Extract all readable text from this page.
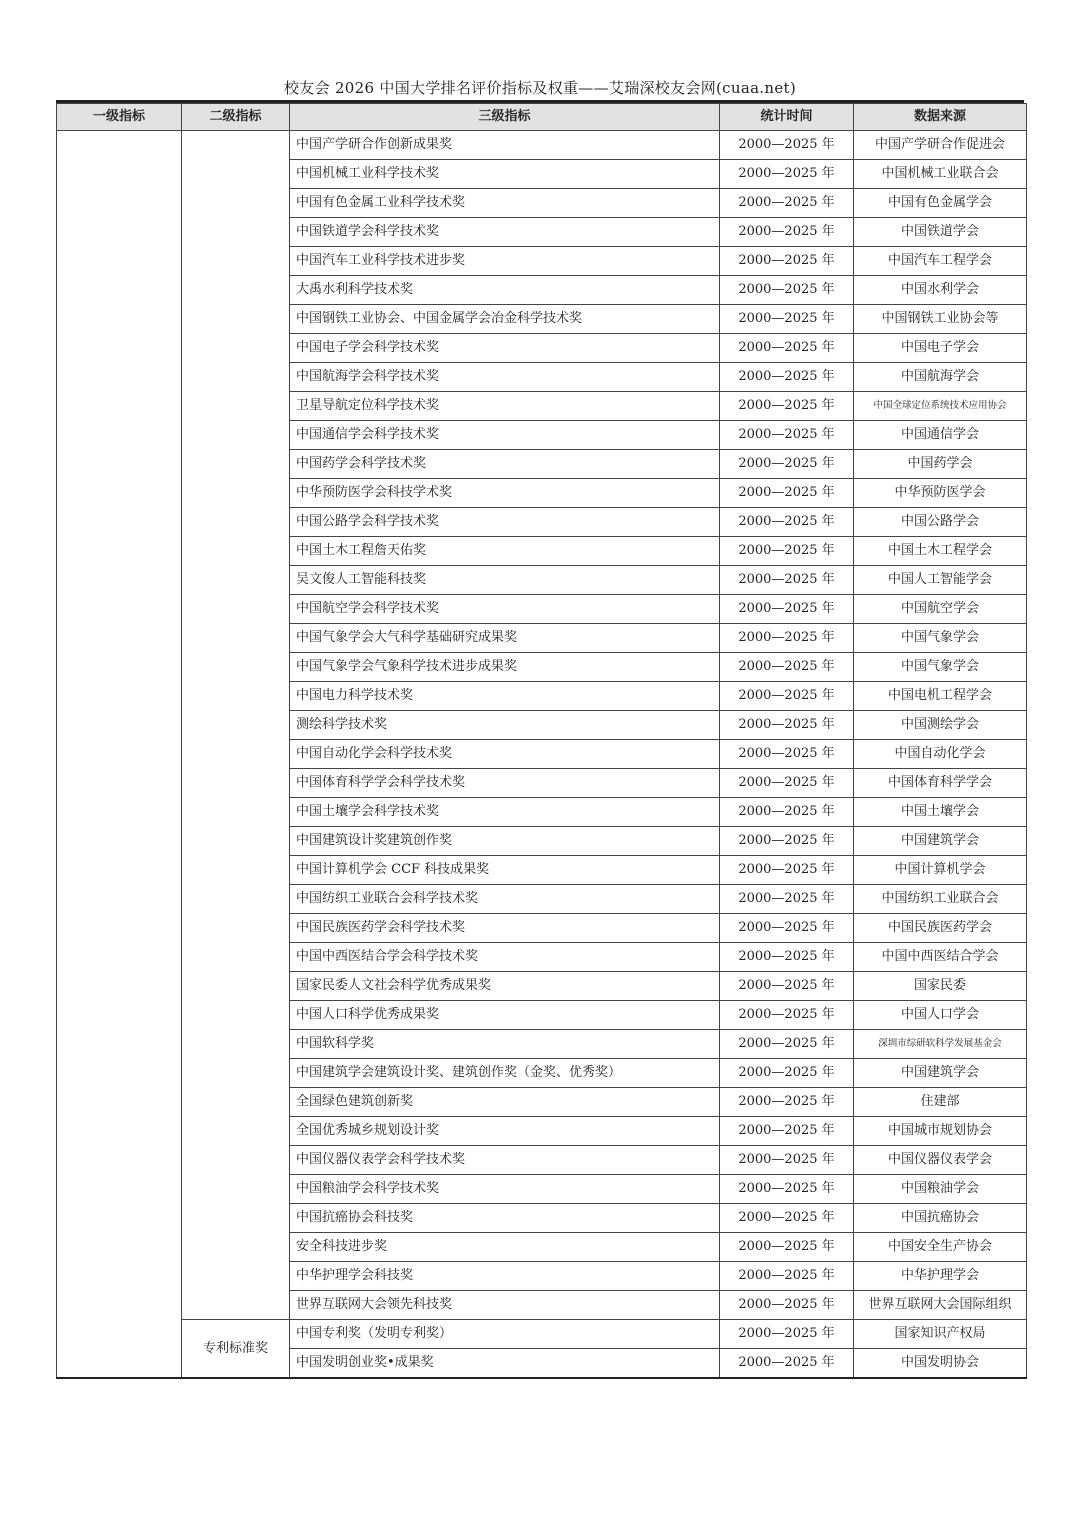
校友会 2026 中国大学排名评价指标及权重——艾瑞深校友会网(cuaa.net)
一级指标	二级指标	三级指标	统计时间	数据来源
		中国产学研合作创新成果奖	2000—2025 年	中国产学研合作促进会
		中国机械工业科学技术奖	2000—2025 年	中国机械工业联合会
		中国有色金属工业科学技术奖	2000—2025 年	中国有色金属学会
		中国铁道学会科学技术奖	2000—2025 年	中国铁道学会
		中国汽车工业科学技术进步奖	2000—2025 年	中国汽车工程学会
		大禹水利科学技术奖	2000—2025 年	中国水利学会
		中国钢铁工业协会、中国金属学会冶金科学技术奖	2000—2025 年	中国钢铁工业协会等
		中国电子学会科学技术奖	2000—2025 年	中国电子学会
		中国航海学会科学技术奖	2000—2025 年	中国航海学会
		卫星导航定位科学技术奖	2000—2025 年	中国全球定位系统技术应用协会
		中国通信学会科学技术奖	2000—2025 年	中国通信学会
		中国药学会科学技术奖	2000—2025 年	中国药学会
		中华预防医学会科技学术奖	2000—2025 年	中华预防医学会
		中国公路学会科学技术奖	2000—2025 年	中国公路学会
		中国土木工程詹天佑奖	2000—2025 年	中国土木工程学会
		吴文俊人工智能科技奖	2000—2025 年	中国人工智能学会
		中国航空学会科学技术奖	2000—2025 年	中国航空学会
		中国气象学会大气科学基础研究成果奖	2000—2025 年	中国气象学会
		中国气象学会气象科学技术进步成果奖	2000—2025 年	中国气象学会
		中国电力科学技术奖	2000—2025 年	中国电机工程学会
		测绘科学技术奖	2000—2025 年	中国测绘学会
		中国自动化学会科学技术奖	2000—2025 年	中国自动化学会
		中国体育科学学会科学技术奖	2000—2025 年	中国体育科学学会
		中国土壤学会科学技术奖	2000—2025 年	中国土壤学会
		中国建筑设计奖建筑创作奖	2000—2025 年	中国建筑学会
		中国计算机学会 CCF 科技成果奖	2000—2025 年	中国计算机学会
		中国纺织工业联合会科学技术奖	2000—2025 年	中国纺织工业联合会
		中国民族医药学会科学技术奖	2000—2025 年	中国民族医药学会
		中国中西医结合学会科学技术奖	2000—2025 年	中国中西医结合学会
		国家民委人文社会科学优秀成果奖	2000—2025 年	国家民委
		中国人口科学优秀成果奖	2000—2025 年	中国人口学会
		中国软科学奖	2000—2025 年	深圳市综研软科学发展基金会
		中国建筑学会建筑设计奖、建筑创作奖（金奖、优秀奖）	2000—2025 年	中国建筑学会
		全国绿色建筑创新奖	2000—2025 年	住建部
		全国优秀城乡规划设计奖	2000—2025 年	中国城市规划协会
		中国仪器仪表学会科学技术奖	2000—2025 年	中国仪器仪表学会
		中国粮油学会科学技术奖	2000—2025 年	中国粮油学会
		中国抗癌协会科技奖	2000—2025 年	中国抗癌协会
		安全科技进步奖	2000—2025 年	中国安全生产协会
		中华护理学会科技奖	2000—2025 年	中华护理学会
		世界互联网大会领先科技奖	2000—2025 年	世界互联网大会国际组织
	专利标准奖	中国专利奖（发明专利奖）	2000—2025 年	国家知识产权局
		中国发明创业奖•成果奖	2000—2025 年	中国发明协会
